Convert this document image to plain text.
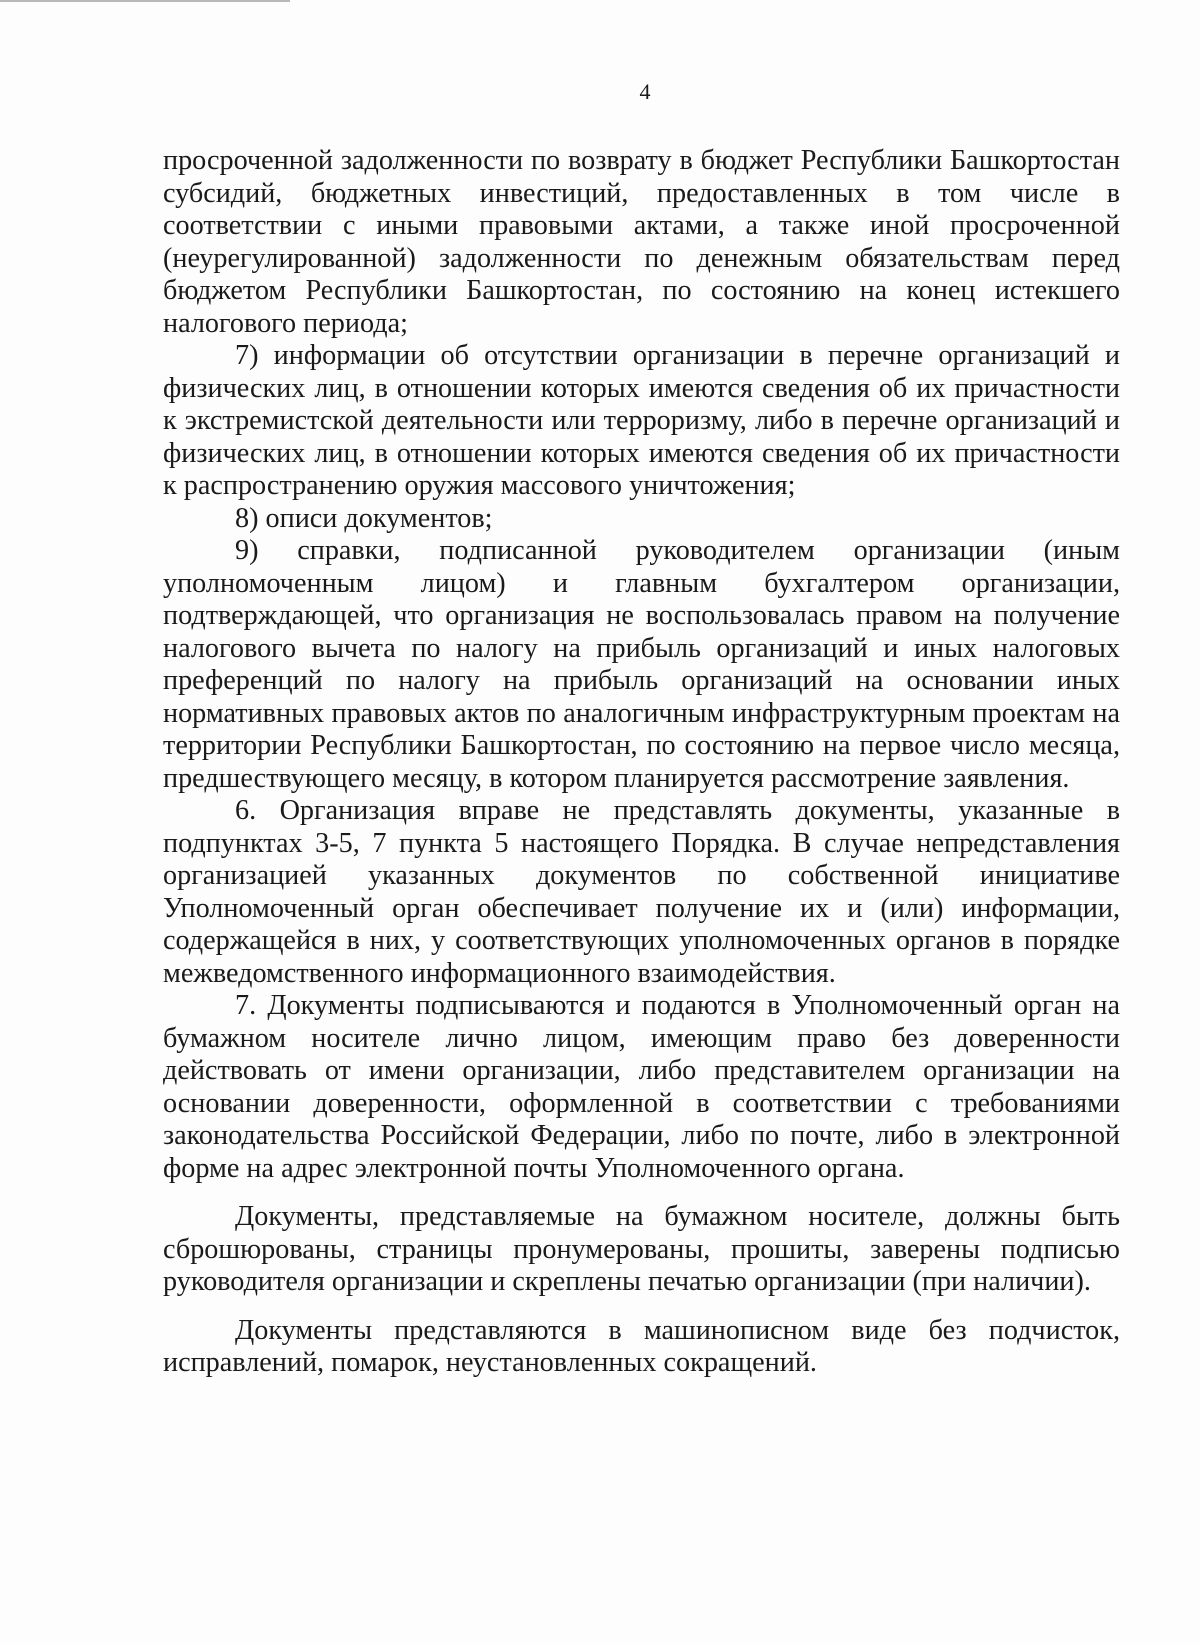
4

просроченной задолженности по возврату в бюджет Республики Башкортостан субсидий, бюджетных инвестиций, предоставленных в том числе в соответствии с иными правовыми актами, а также иной просроченной (неурегулированной) задолженности по денежным обязательствам перед бюджетом Республики Башкортостан, по состоянию на конец истекшего налогового периода;

7) информации об отсутствии организации в перечне организаций и физических лиц, в отношении которых имеются сведения об их причастности к экстремистской деятельности или терроризму, либо в перечне организаций и физических лиц, в отношении которых имеются сведения об их причастности к распространению оружия массового уничтожения;

8) описи документов;

9) справки, подписанной руководителем организации (иным уполномоченным лицом) и главным бухгалтером организации, подтверждающей, что организация не воспользовалась правом на получение налогового вычета по налогу на прибыль организаций и иных налоговых преференций по налогу на прибыль организаций на основании иных нормативных правовых актов по аналогичным инфраструктурным проектам на территории Республики Башкортостан, по состоянию на первое число месяца, предшествующего месяцу, в котором планируется рассмотрение заявления.

6. Организация вправе не представлять документы, указанные в подпунктах 3-5, 7 пункта 5 настоящего Порядка. В случае непредставления организацией указанных документов по собственной инициативе Уполномоченный орган обеспечивает получение их и (или) информации, содержащейся в них, у соответствующих уполномоченных органов в порядке межведомственного информационного взаимодействия.

7. Документы подписываются и подаются в Уполномоченный орган на бумажном носителе лично лицом, имеющим право без доверенности действовать от имени организации, либо представителем организации на основании доверенности, оформленной в соответствии с требованиями законодательства Российской Федерации, либо по почте, либо в электронной форме на адрес электронной почты Уполномоченного органа.

Документы, представляемые на бумажном носителе, должны быть сброшюрованы, страницы пронумерованы, прошиты, заверены подписью руководителя организации и скреплены печатью организации (при наличии).

Документы представляются в машинописном виде без подчисток, исправлений, помарок, неустановленных сокращений.
